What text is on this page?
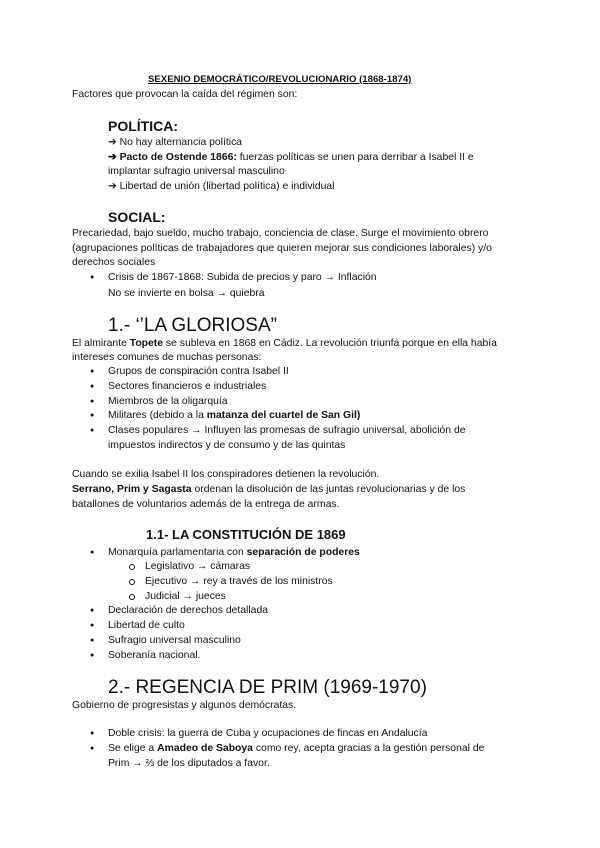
SEXENIO DEMOCRÁTICO/REVOLUCIONARIO (1868-1874)
Factores que provocan la caída del régimen son:
POLÍTICA:
➔ No hay alternancia política
➔ Pacto de Ostende 1866: fuerzas políticas se unen para derribar a Isabel II e
implantar sufragio universal masculino
➔ Libertad de unión (libertad política) e individual
SOCIAL:
Precariedad, bajo sueldo, mucho trabajo, conciencia de clase. Surge el movimiento obrero
(agrupaciones políticas de trabajadores que quieren mejorar sus condiciones laborales) y/o
derechos sociales
● Crisis de 1867-1868: Subida de precios y paro → Inflación
No se invierte en bolsa → quiebra
1.- ‘’LA GLORIOSA”
El almirante Topete se subleva en 1868 en Cádiz. La revolución triunfa porque en ella había
intereses comunes de muchas personas:
● Grupos de conspiración contra Isabel II
● Sectores financieros e industriales
● Miembros de la oligarquía
● Militares (debido a la matanza del cuartel de San Gil)
● Clases populares → Influyen las promesas de sufragio universal, abolición de
impuestos indirectos y de consumo y de las quintas
Cuando se exilia Isabel II los conspiradores detienen la revolución.
Serrano, Prim y Sagasta ordenan la disolución de las juntas revolucionarias y de los
batallones de voluntarios además de la entrega de armas.
1.1- LA CONSTITUCIÓN DE 1869
● Monarquía parlamentaria con separación de poderes
Legislativo → cámaras
Ejecutivo → rey a través de los ministros
Judicial → jueces
● Declaración de derechos detallada
● Libertad de culto
● Sufragio universal masculino
● Soberanía nacional.
2.- REGENCIA DE PRIM (1969-1970)
Gobierno de progresistas y algunos demócratas.
● Doble crisis: la guerra de Cuba y ocupaciones de fincas en Andalucía
● Se elige a Amadeo de Saboya como rey, acepta gracias a la gestión personal de
Prim → ⅔ de los diputados a favor.
